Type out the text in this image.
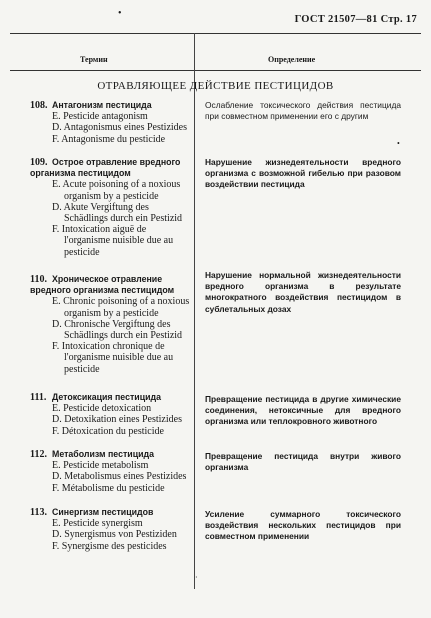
•
ГОСТ 21507—81 Стр. 17
Термин	Определение
ОТРАВЛЯЮЩЕЕ ДЕЙСТВИЕ ПЕСТИЦИДОВ
108. Антагонизм пестицида
E. Pesticide antagonism
D. Antagonismus eines Pestizides
F. Antagonisme du pesticide
Ослабление токсического действия пестицида при совместном применении его с другим
109. Острое отравление вредного организма пестицидом
E. Acute poisoning of a noxious organism by a pesticide
D. Akute Vergiftung des Schädlings durch ein Pestizid
F. Intoxication aiguë de l'organisme nuisible due au pesticide
Нарушение жизнедеятельности вредного организма с возможной гибелью при разовом воздействии пестицида
110. Хроническое отравление вредного организма пестицидом
E. Chronic poisoning of a noxious organism by a pesticide
D. Chronische Vergiftung des Schädlings durch ein Pestizid
F. Intoxication chronique de l'organisme nuisible due au pesticide
Нарушение нормальной жизнедеятельности вредного организма в результате многократного воздействия пестицидом в сублетальных дозах
111. Детоксикация пестицида
E. Pesticide detoxication
D. Detoxikation eines Pestizides
F. Détoxication du pesticide
Превращение пестицида в другие химические соединения, нетоксичные для вредного организма или теплокровного животного
112. Метаболизм пестицида
E. Pesticide metabolism
D. Metabolismus eines Pestizides
F. Métabolisme du pesticide
Превращение пестицида внутри живого организма
113. Синергизм пестицидов
E. Pesticide synergism
D. Synergismus von Pestiziden
F. Synergisme des pesticides
Усиление суммарного токсического воздействия нескольких пестицидов при совместном применении
•
·
